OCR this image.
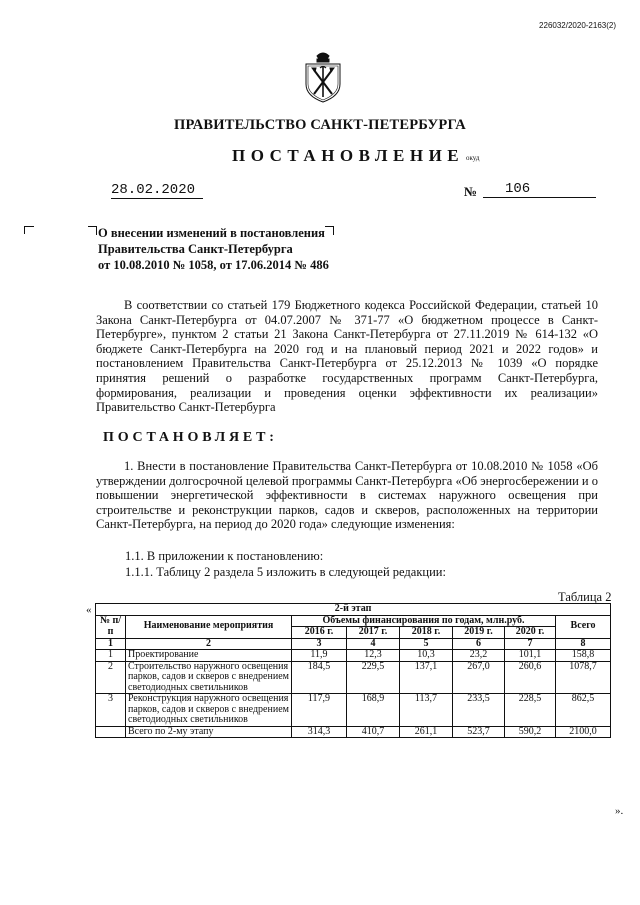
226032/2020-2163(2)
ПРАВИТЕЛЬСТВО САНКТ-ПЕТЕРБУРГА
ПОСТАНОВЛЕНИЕ окуд
28.02.2020	№	106
О внесении изменений в постановления
Правительства Санкт-Петербурга
от 10.08.2010 № 1058, от 17.06.2014 № 486

В соответствии со статьей 179 Бюджетного кодекса Российской Федерации, статьей 10 Закона Санкт-Петербурга от 04.07.2007 № 371-77 «О бюджетном процессе в Санкт-Петербурге», пунктом 2 статьи 21 Закона Санкт-Петербурга от 27.11.2019 № 614-132 «О бюджете Санкт-Петербурга на 2020 год и на плановый период 2021 и 2022 годов» и постановлением Правительства Санкт-Петербурга от 25.12.2013 № 1039 «О порядке принятия решений о разработке государственных программ Санкт-Петербурга, формирования, реализации и проведения оценки эффективности их реализации» Правительство Санкт-Петербурга

ПОСТАНОВЛЯЕТ:

1. Внести в постановление Правительства Санкт-Петербурга от 10.08.2010 № 1058 «Об утверждении долгосрочной целевой программы Санкт-Петербурга «Об энергосбережении и о повышении энергетической эффективности в системах наружного освещения при строительстве и реконструкции парков, садов и скверов, расположенных на территории Санкт-Петербурга, на период до 2020 года» следующие изменения:

1.1. В приложении к постановлению:
1.1.1. Таблицу 2 раздела 5 изложить в следующей редакции:
Таблица 2
«
».
2-й этап							
№ п/п	Наименование мероприятия	Объемы финансирования по годам, млн.руб.					Всего
		2016 г.	2017 г.	2018 г.	2019 г.	2020 г.	
1	2	3	4	5	6	7	8
1	Проектирование	11,9	12,3	10,3	23,2	101,1	158,8
2	Строительство наружного освещения парков, садов и скверов с внедрением светодиодных светильников	184,5	229,5	137,1	267,0	260,6	1078,7
3	Реконструкция наружного освещения парков, садов и скверов с внедрением светодиодных светильников	117,9	168,9	113,7	233,5	228,5	862,5
	Всего по 2-му этапу	314,3	410,7	261,1	523,7	590,2	2100,0
